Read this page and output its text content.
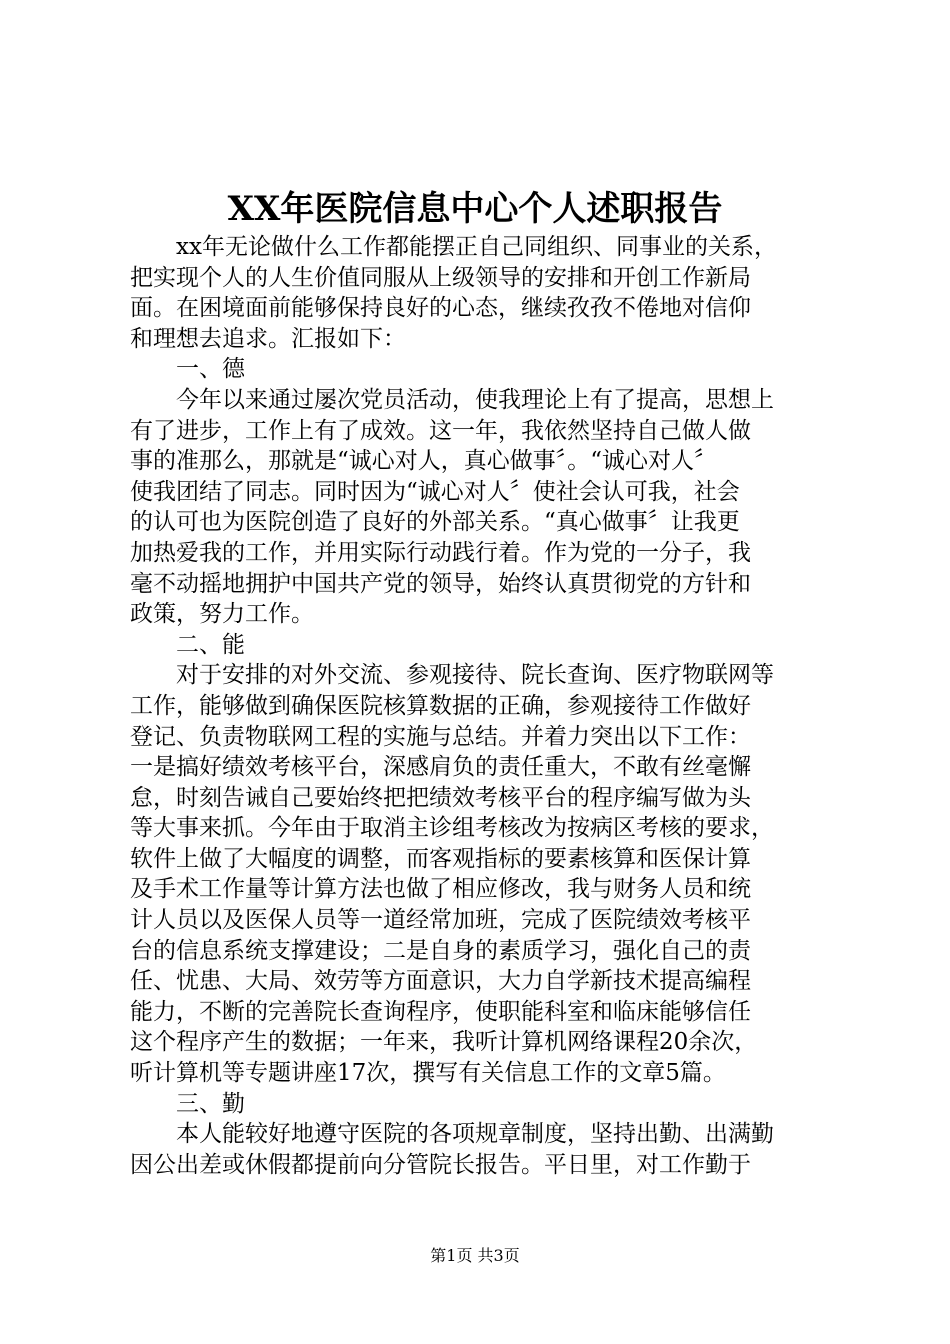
XX年医院信息中心个人述职报告
xx年无论做什么工作都能摆正自己同组织、同事业的关系，
把实现个人的人生价值同服从上级领导的安排和开创工作新局
面。在困境面前能够保持良好的心态，继续孜孜不倦地对信仰
和理想去追求。汇报如下：
一、德
今年以来通过屡次党员活动，使我理论上有了提高，思想上
有了进步，工作上有了成效。这一年，我依然坚持自己做人做
事的准那么，那就是“诚心对人，真心做事〞。“诚心对人〞
使我团结了同志。同时因为“诚心对人〞使社会认可我，社会
的认可也为医院创造了良好的外部关系。“真心做事〞让我更
加热爱我的工作，并用实际行动践行着。作为党的一分子，我
毫不动摇地拥护中国共产党的领导，始终认真贯彻党的方针和
政策，努力工作。
二、能
对于安排的对外交流、参观接待、院长查询、医疗物联网等
工作，能够做到确保医院核算数据的正确，参观接待工作做好
登记、负责物联网工程的实施与总结。并着力突出以下工作：
一是搞好绩效考核平台，深感肩负的责任重大，不敢有丝毫懈
怠，时刻告诫自己要始终把把绩效考核平台的程序编写做为头
等大事来抓。今年由于取消主诊组考核改为按病区考核的要求，
软件上做了大幅度的调整，而客观指标的要素核算和医保计算
及手术工作量等计算方法也做了相应修改，我与财务人员和统
计人员以及医保人员等一道经常加班，完成了医院绩效考核平
台的信息系统支撑建设；二是自身的素质学习，强化自己的责
任、忧患、大局、效劳等方面意识，大力自学新技术提高编程
能力，不断的完善院长查询程序，使职能科室和临床能够信任
这个程序产生的数据；一年来，我听计算机网络课程20余次，
听计算机等专题讲座17次，撰写有关信息工作的文章5篇。
三、勤
本人能较好地遵守医院的各项规章制度，坚持出勤、出满勤
因公出差或休假都提前向分管院长报告。平日里，对工作勤于
第1页 共3页
